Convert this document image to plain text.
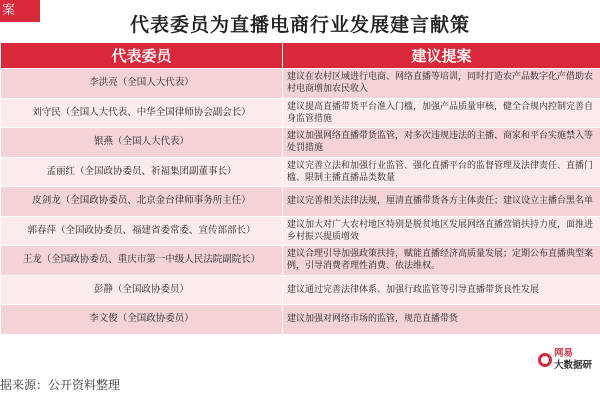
案
代表委员为直播电商行业发展建言献策
代表委员	建议提案
李洪亮（全国人大代表）	建议在农村区域进行电商、网络直播等培训，同时打造农产品数字化产借助农村电商增加农民收入
刘守民（全国人大代表、中华全国律师协会副会长）	建议提高直播带货平台准入门槛，加强产品质量审核，健全合规内控制完善自身监管措施
银燕（全国人大代表）	建议加强网络直播带货监管，对多次违规违法的主播、商家和平台实施禁入等处罚措施
孟丽红（全国政协委员、祈福集团副董事长）	建议完善立法和加强行业监管、强化直播平台的监督管理及法律责任、直播门槛、限制主播直播品类数量
皮剑龙（全国政协委员、北京金台律师事务所主任）	建议完善相关法律法规，厘清直播带货各方主体责任；建议设立主播台黑名单
郭春萍（全国政协委员、福建省委常委、宣传部部长）	建议加大对广大农村地区特别是脱贫地区发展网络直播营销扶持力度，面推进乡村振兴提质增效
王龙（全国政协委员、重庆市第一中级人民法院副院长）	建议合理引导加强政策扶持，赋能直播经济高质量发展；定期公布直播典型案例，引导消费者理性消费、依法维权。
彭静（全国政协委员）	建议通过完善法律体系、加强行政监管等引导直播带货良性发展
李文俊（全国政协委员）	建议加强对网络市场的监管，规范直播带货
据来源：公开资料整理
网易
大数据研
